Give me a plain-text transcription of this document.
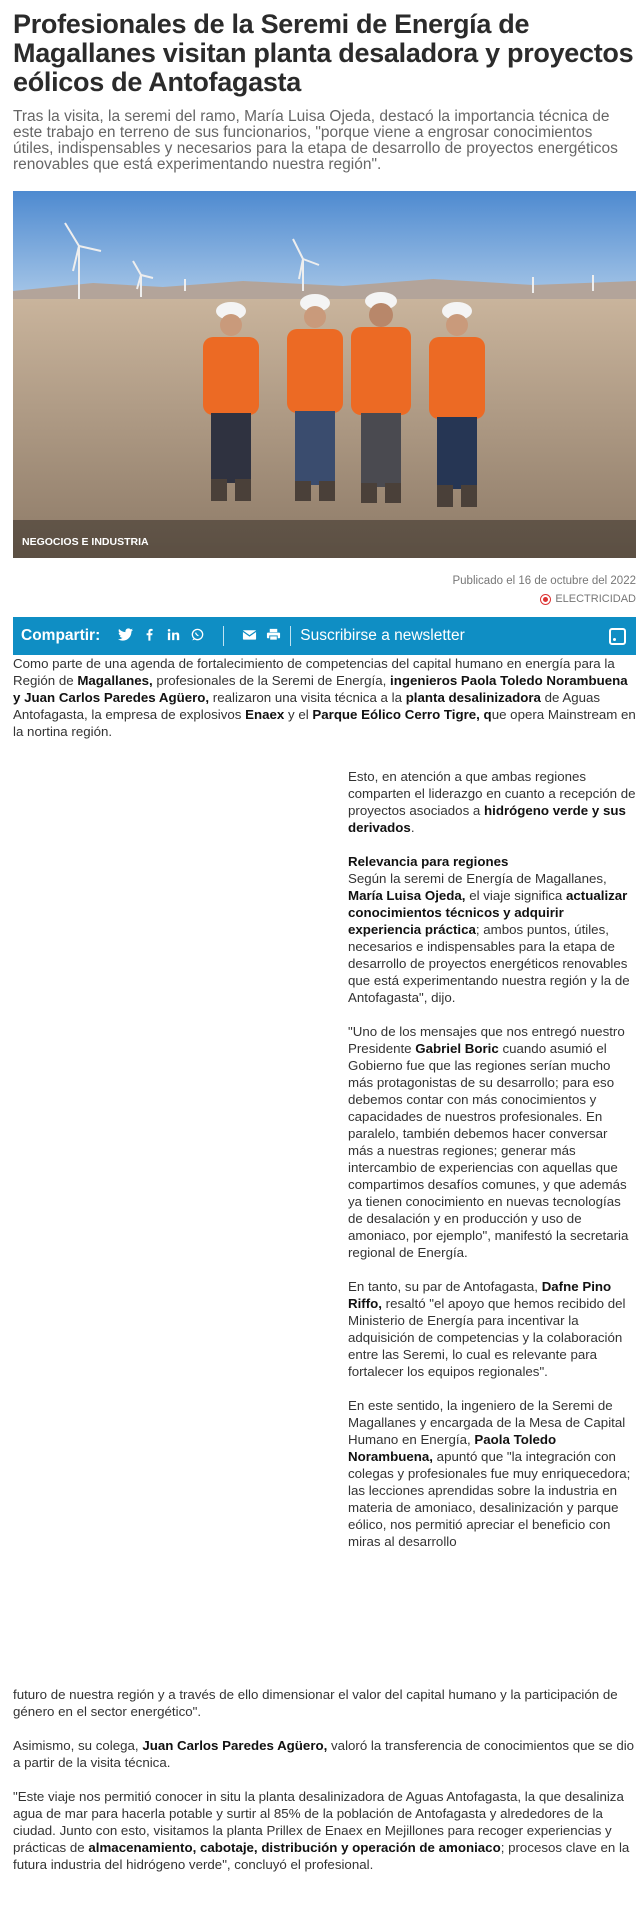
Profesionales de la Seremi de Energía de Magallanes visitan planta desaladora y proyectos eólicos de Antofagasta

Tras la visita, la seremi del ramo, María Luisa Ojeda, destacó la importancia técnica de este trabajo en terreno de sus funcionarios, "porque viene a engrosar conocimientos útiles, indispensables y necesarios para la etapa de desarrollo de proyectos energéticos renovables que está experimentando nuestra región".

NEGOCIOS E INDUSTRIA
Publicado el 16 de octubre del 2022
ELECTRICIDAD
Compartir:	Suscribirse a newsletter

Como parte de una agenda de fortalecimiento de competencias del capital humano en energía para la Región de Magallanes, profesionales de la Seremi de Energía, ingenieros Paola Toledo Norambuena y Juan Carlos Paredes Agüero, realizaron una visita técnica a la planta desalinizadora de Aguas Antofagasta, la empresa de explosivos Enaex y el Parque Eólico Cerro Tigre, que opera Mainstream en la nortina región.

Esto, en atención a que ambas regiones comparten el liderazgo en cuanto a recepción de proyectos asociados a hidrógeno verde y sus derivados.

Relevancia para regiones

Según la seremi de Energía de Magallanes, María Luisa Ojeda, el viaje significa actualizar conocimientos técnicos y adquirir experiencia práctica; ambos puntos, útiles, necesarios e indispensables para la etapa de desarrollo de proyectos energéticos renovables que está experimentando nuestra región y la de Antofagasta", dijo.

"Uno de los mensajes que nos entregó nuestro Presidente Gabriel Boric cuando asumió el Gobierno fue que las regiones serían mucho más protagonistas de su desarrollo; para eso debemos contar con más conocimientos y capacidades de nuestros profesionales. En paralelo, también debemos hacer conversar más a nuestras regiones; generar más intercambio de experiencias con aquellas que compartimos desafíos comunes, y que además ya tienen conocimiento en nuevas tecnologías de desalación y en producción y uso de amoniaco, por ejemplo", manifestó la secretaria regional de Energía.

En tanto, su par de Antofagasta, Dafne Pino Riffo, resaltó "el apoyo que hemos recibido del Ministerio de Energía para incentivar la adquisición de competencias y la colaboración entre las Seremi, lo cual es relevante para fortalecer los equipos regionales".

En este sentido, la ingeniero de la Seremi de Magallanes y encargada de la Mesa de Capital Humano en Energía, Paola Toledo Norambuena, apuntó que "la integración con colegas y profesionales fue muy enriquecedora; las lecciones aprendidas sobre la industria en materia de amoniaco, desalinización y parque eólico, nos permitió apreciar el beneficio con miras al desarrollo

futuro de nuestra región y a través de ello dimensionar el valor del capital humano y la participación de género en el sector energético".

Asimismo, su colega, Juan Carlos Paredes Agüero, valoró la transferencia de conocimientos que se dio a partir de la visita técnica.

"Este viaje nos permitió conocer in situ la planta desalinizadora de Aguas Antofagasta, la que desaliniza agua de mar para hacerla potable y surtir al 85% de la población de Antofagasta y alrededores de la ciudad. Junto con esto, visitamos la planta Prillex de Enaex en Mejillones para recoger experiencias y prácticas de almacenamiento, cabotaje, distribución y operación de amoniaco; procesos clave en la futura industria del hidrógeno verde", concluyó el profesional.
